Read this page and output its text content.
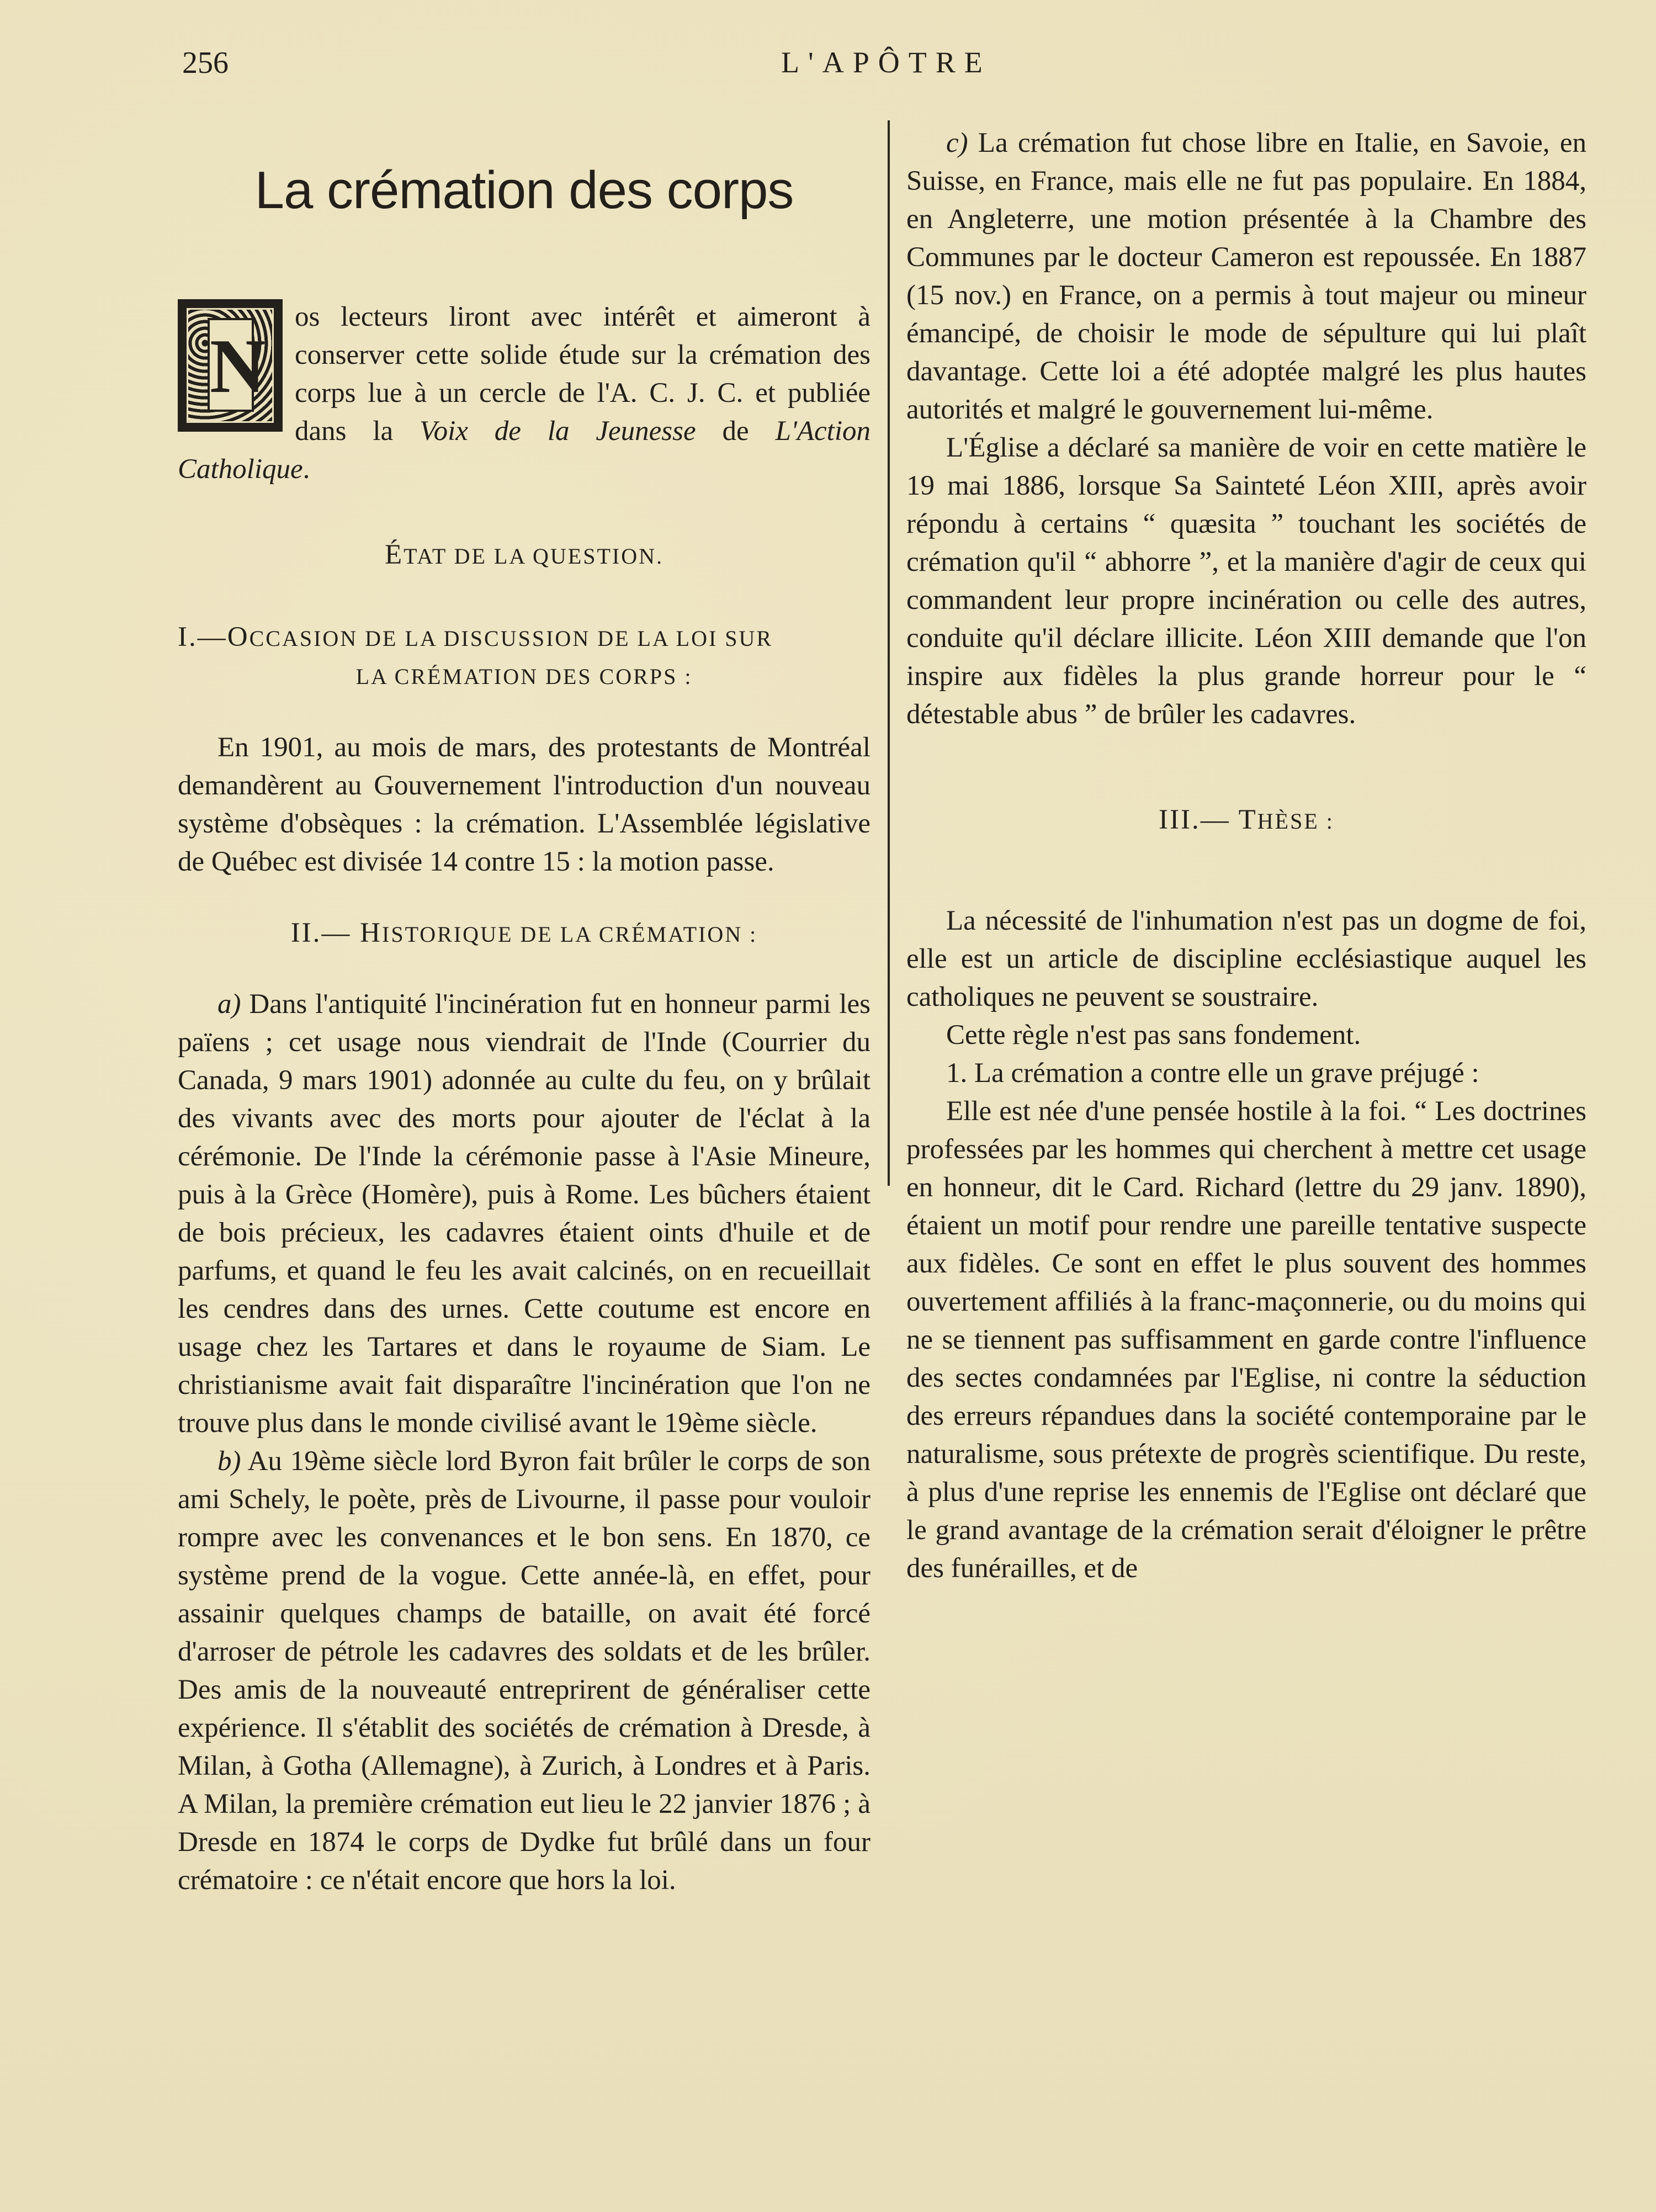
256	L'APÔTRE
La crémation des corps
N

os lecteurs liront avec intérêt et aimeront à conserver cette solide étude sur la crémation des corps lue à un cercle de l'A. C. J. C. et publiée dans la Voix de la Jeunesse de L'Action Catholique.

ÉTAT DE LA QUESTION.
I.—OCCASION DE LA DISCUSSION DE LA LOI SUR
LA CRÉMATION DES CORPS :

En 1901, au mois de mars, des protestants de Montréal demandèrent au Gouvernement l'introduction d'un nouveau système d'obsèques : la crémation. L'Assemblée législative de Québec est divisée 14 contre 15 : la motion passe.

II.— HISTORIQUE DE LA CRÉMATION :

a) Dans l'antiquité l'incinération fut en honneur parmi les païens ; cet usage nous viendrait de l'Inde (Courrier du Canada, 9 mars 1901) adonnée au culte du feu, on y brûlait des vivants avec des morts pour ajouter de l'éclat à la cérémonie. De l'Inde la cérémonie passe à l'Asie Mineure, puis à la Grèce (Homère), puis à Rome. Les bûchers étaient de bois précieux, les cadavres étaient oints d'huile et de parfums, et quand le feu les avait calcinés, on en recueillait les cendres dans des urnes. Cette coutume est encore en usage chez les Tartares et dans le royaume de Siam. Le christianisme avait fait disparaître l'incinération que l'on ne trouve plus dans le monde civilisé avant le 19ème siècle.

b) Au 19ème siècle lord Byron fait brûler le corps de son ami Schely, le poète, près de Livourne, il passe pour vouloir rompre avec les convenances et le bon sens. En 1870, ce système prend de la vogue. Cette année-là, en effet, pour assainir quelques champs de bataille, on avait été forcé d'arroser de pétrole les cadavres des soldats et de les brûler. Des amis de la nouveauté entreprirent de généraliser cette expérience. Il s'établit des sociétés de crémation à Dresde, à Milan, à Gotha (Allemagne), à Zurich, à Londres et à Paris. A Milan, la première crémation eut lieu le 22 janvier 1876 ; à Dresde en 1874 le corps de Dydke fut brûlé dans un four crématoire : ce n'était encore que hors la loi.

c) La crémation fut chose libre en Italie, en Savoie, en Suisse, en France, mais elle ne fut pas populaire. En 1884, en Angleterre, une motion présentée à la Chambre des Communes par le docteur Cameron est repoussée. En 1887 (15 nov.) en France, on a permis à tout majeur ou mineur émancipé, de choisir le mode de sépulture qui lui plaît davantage. Cette loi a été adoptée malgré les plus hautes autorités et malgré le gouvernement lui-même.

L'Église a déclaré sa manière de voir en cette matière le 19 mai 1886, lorsque Sa Sainteté Léon XIII, après avoir répondu à certains “ quæsita ” touchant les sociétés de crémation qu'il “ abhorre ”, et la manière d'agir de ceux qui commandent leur propre incinération ou celle des autres, conduite qu'il déclare illicite. Léon XIII demande que l'on inspire aux fidèles la plus grande horreur pour le “ détestable abus ” de brûler les cadavres.

III.— THÈSE :

La nécessité de l'inhumation n'est pas un dogme de foi, elle est un article de discipline ecclésiastique auquel les catholiques ne peuvent se soustraire.

Cette règle n'est pas sans fondement.

1. La crémation a contre elle un grave préjugé :

Elle est née d'une pensée hostile à la foi. “ Les doctrines professées par les hommes qui cherchent à mettre cet usage en honneur, dit le Card. Richard (lettre du 29 janv. 1890), étaient un motif pour rendre une pareille tentative suspecte aux fidèles. Ce sont en effet le plus souvent des hommes ouvertement affiliés à la franc-maçonnerie, ou du moins qui ne se tiennent pas suffisamment en garde contre l'influence des sectes condamnées par l'Eglise, ni contre la séduction des erreurs répandues dans la société contemporaine par le naturalisme, sous prétexte de progrès scientifique. Du reste, à plus d'une reprise les ennemis de l'Eglise ont déclaré que le grand avantage de la crémation serait d'éloigner le prêtre des funérailles, et de
